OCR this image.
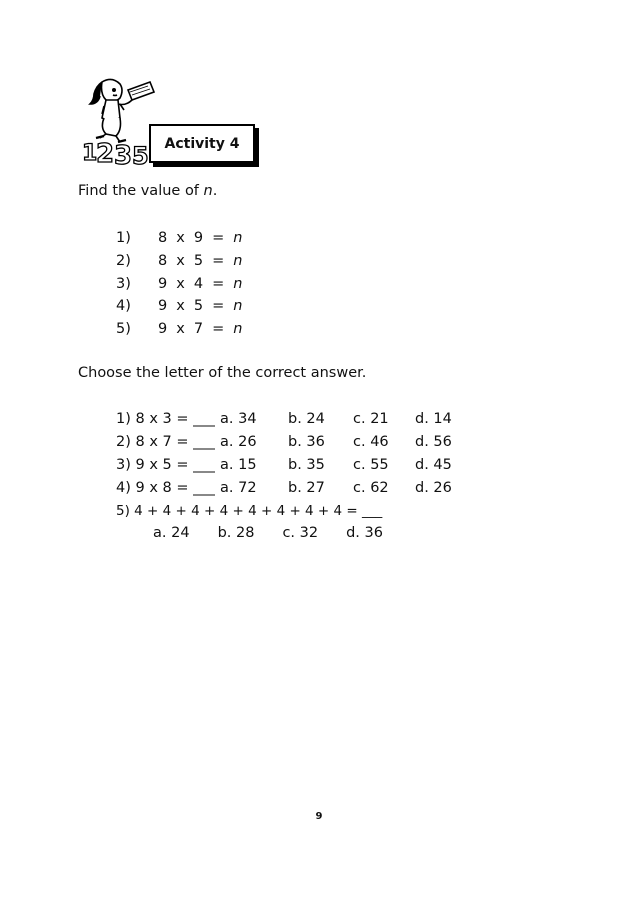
1
2 3 5 Activity 4
Find the value of n.
1)	8 x 9 = n
2)	8 x 5 = n
3)	9 x 4 = n
4)	9 x 5 = n
5)	9 x 7 = n
Choose the letter of the correct answer.
1) 8 x 3 = ___ a. 34 b. 24 c. 21 d. 14
2) 8 x 7 = ___ a. 26 b. 36 c. 46 d. 56
3) 9 x 5 = ___ a. 15 b. 35 c. 55 d. 45
4) 9 x 8 = ___ a. 72 b. 27 c. 62 d. 26
5) 4 + 4 + 4 + 4 + 4 + 4 + 4 + 4 = ___
a. 24 b. 28 c. 32 d. 36
9
